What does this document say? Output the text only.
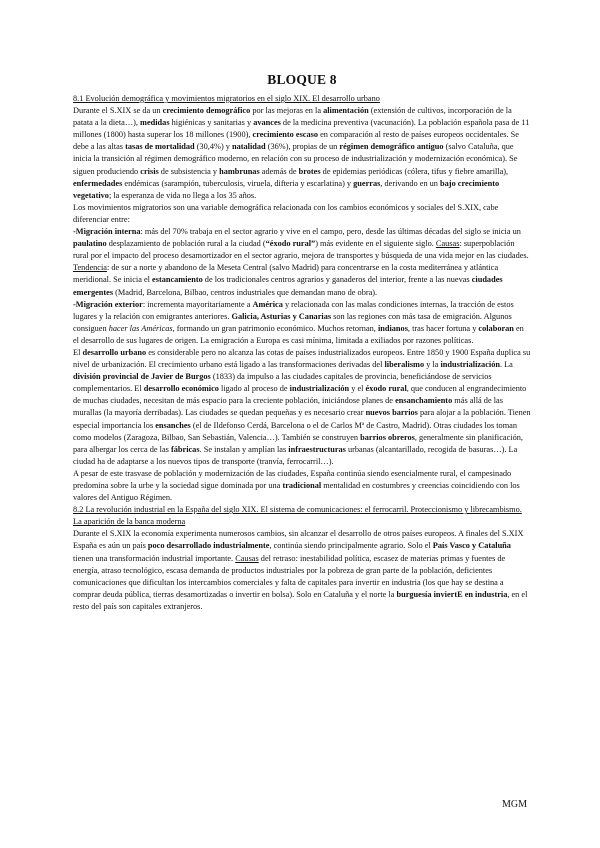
BLOQUE 8
8.1 Evolución demográfica y movimientos migratorios en el siglo XIX. El desarrollo urbano

Durante el S.XIX se da un crecimiento demográfico por las mejoras en la alimentación (extensión de cultivos, incorporación de la patata a la dieta…), medidas higiénicas y sanitarias y avances de la medicina preventiva (vacunación). La población española pasa de 11 millones (1800) hasta superar los 18 millones (1900), crecimiento escaso en comparación al resto de países europeos occidentales. Se debe a las altas tasas de mortalidad (30,4%) y natalidad (36%), propias de un régimen demográfico antiguo (salvo Cataluña, que inicia la transición al régimen demográfico moderno, en relación con su proceso de industrialización y modernización económica). Se siguen produciendo crisis de subsistencia y hambrunas además de brotes de epidemias periódicas (cólera, tifus y fiebre amarilla), enfermedades endémicas (sarampión, tuberculosis, viruela, difteria y escarlatina) y guerras, derivando en un bajo crecimiento vegetativo; la esperanza de vida no llega a los 35 años.

Los movimientos migratorios son una variable demográfica relacionada con los cambios económicos y sociales del S.XIX, cabe diferenciar entre:

-Migración interna: más del 70% trabaja en el sector agrario y vive en el campo, pero, desde las últimas décadas del siglo se inicia un paulatino desplazamiento de población rural a la ciudad (“éxodo rural”) más evidente en el siguiente siglo. Causas: superpoblación rural por el impacto del proceso desamortizador en el sector agrario, mejora de transportes y búsqueda de una vida mejor en las ciudades. Tendencia: de sur a norte y abandono de la Meseta Central (salvo Madrid) para concentrarse en la costa mediterránea y atlántica meridional. Se inicia el estancamiento de los tradicionales centros agrarios y ganaderos del interior, frente a las nuevas ciudades emergentes (Madrid, Barcelona, Bilbao, centros industriales que demandan mano de obra).

-Migración exterior: incrementa mayoritariamente a América y relacionada con las malas condiciones internas, la tracción de estos lugares y la relación con emigrantes anteriores. Galicia, Asturias y Canarias son las regiones con más tasa de emigración. Algunos consiguen hacer las Américas, formando un gran patrimonio económico. Muchos retornan, indianos, tras hacer fortuna y colaboran en el desarrollo de sus lugares de origen. La emigración a Europa es casi mínima, limitada a exiliados por razones políticas.

El desarrollo urbano es considerable pero no alcanza las cotas de países industrializados europeos. Entre 1850 y 1900 España duplica su nivel de urbanización. El crecimiento urbano está ligado a las transformaciones derivadas del liberalismo y la industrialización. La división provincial de Javier de Burgos (1833) da impulso a las ciudades capitales de provincia, beneficiándose de servicios complementarios. El desarrollo económico ligado al proceso de industrialización y el éxodo rural, que conducen al engrandecimiento de muchas ciudades, necesitan de más espacio para la creciente población, iniciándose planes de ensanchamiento más allá de las murallas (la mayoría derribadas). Las ciudades se quedan pequeñas y es necesario crear nuevos barrios para alojar a la población. Tienen especial importancia los ensanches (el de Ildefonso Cerdá, Barcelona o el de Carlos Mª de Castro, Madrid). Otras ciudades los toman como modelos (Zaragoza, Bilbao, San Sebastián, Valencia…). También se construyen barrios obreros, generalmente sin planificación, para albergar los cerca de las fábricas. Se instalan y amplían las infraestructuras urbanas (alcantarillado, recogida de basuras…). La ciudad ha de adaptarse a los nuevos tipos de transporte (tranvía, ferrocarril…).

A pesar de este trasvase de población y modernización de las ciudades, España continúa siendo esencialmente rural, el campesinado predomina sobre la urbe y la sociedad sigue dominada por una tradicional mentalidad en costumbres y creencias coincidiendo con los valores del Antiguo Régimen.

8.2 La revolución industrial en la España del siglo XIX. El sistema de comunicaciones: el ferrocarril. Proteccionismo y librecambismo. La aparición de la banca moderna

Durante el S.XIX la economía experimenta numerosos cambios, sin alcanzar el desarrollo de otros países europeos. A finales del S.XIX España es aún un país poco desarrollado industrialmente, continúa siendo principalmente agrario. Solo el País Vasco y Cataluña tienen una transformación industrial importante. Causas del retraso: inestabilidad política, escasez de materias primas y fuentes de energía, atraso tecnológico, escasa demanda de productos industriales por la pobreza de gran parte de la población, deficientes comunicaciones que dificultan los intercambios comerciales y falta de capitales para invertir en industria (los que hay se destina a comprar deuda pública, tierras desamortizadas o invertir en bolsa). Solo en Cataluña y el norte la burguesía inviertE en industria, en el resto del país son capitales extranjeros.

MGM
